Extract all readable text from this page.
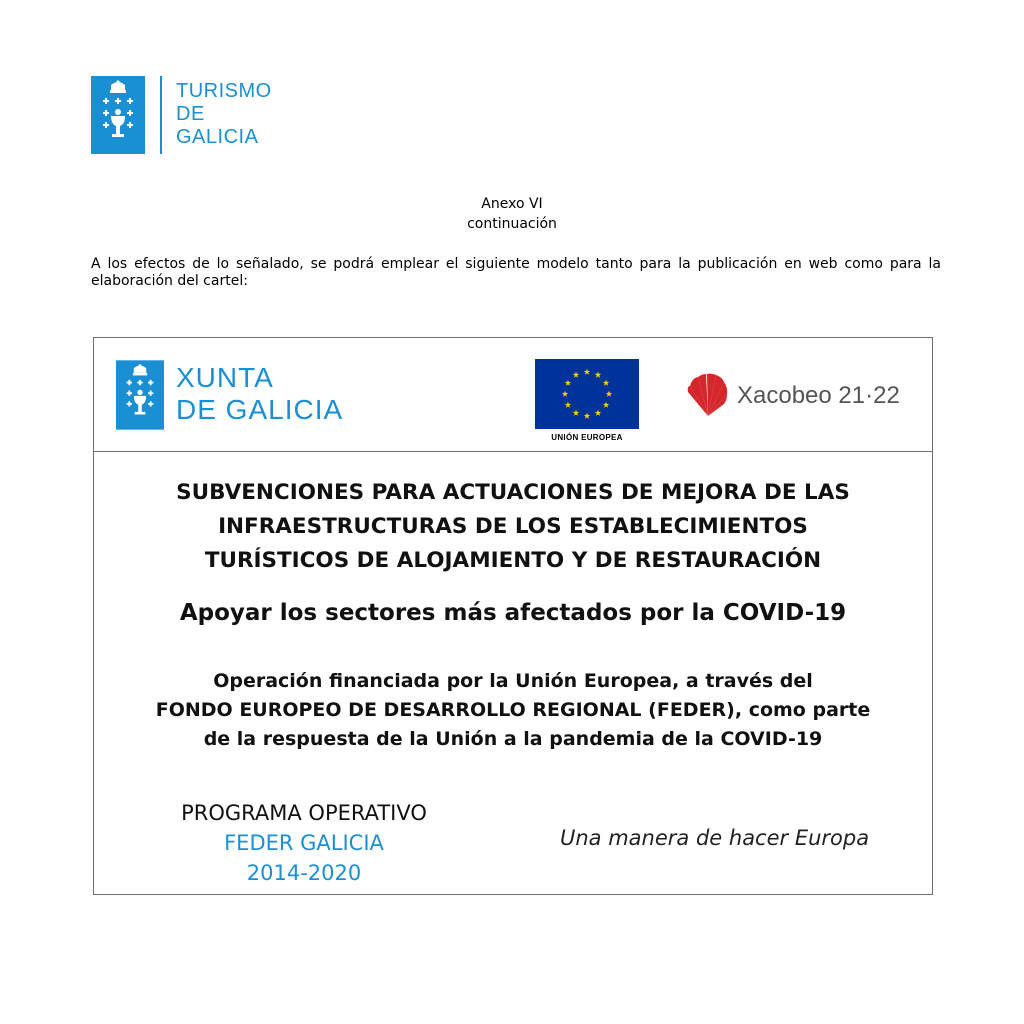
TURISMO
DE
GALICIA
Anexo VI
continuación
A los efectos de lo señalado, se podrá emplear el siguiente modelo tanto para la publicación en web como para la elaboración del cartel:
XUNTA
DE GALICIA
UNIÓN EUROPEA
Xacobeo 21·22
SUBVENCIONES PARA ACTUACIONES DE MEJORA DE LAS
INFRAESTRUCTURAS DE LOS ESTABLECIMIENTOS
TURÍSTICOS DE ALOJAMIENTO Y DE RESTAURACIÓN
Apoyar los sectores más afectados por la COVID-19
Operación financiada por la Unión Europea, a través del
FONDO EUROPEO DE DESARROLLO REGIONAL (FEDER), como parte
de la respuesta de la Unión a la pandemia de la COVID-19
PROGRAMA OPERATIVO
FEDER GALICIA
2014-2020
Una manera de hacer Europa
